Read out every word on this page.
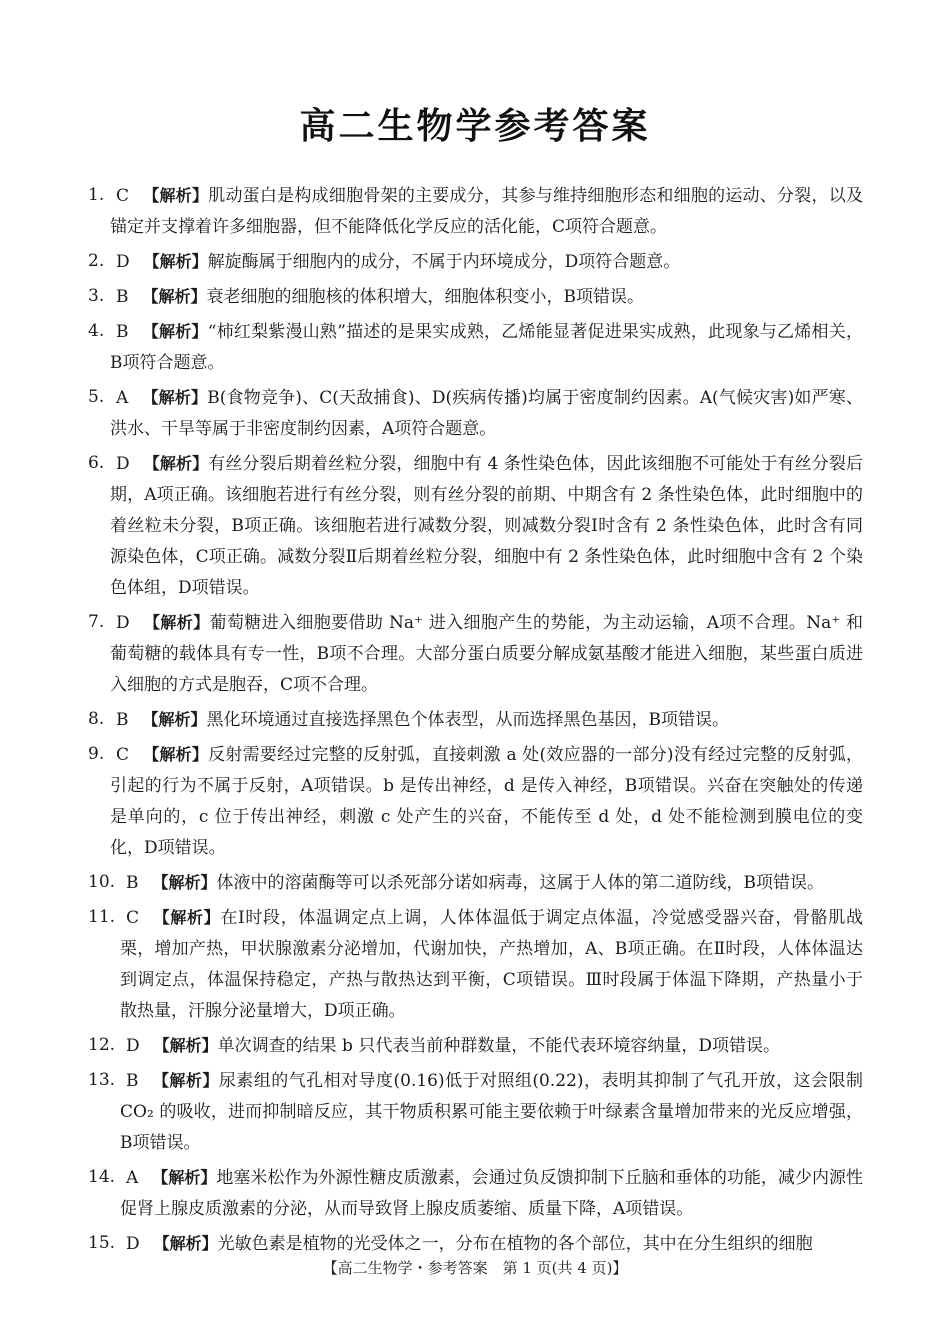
高二生物学参考答案
1. C 【解析】肌动蛋白是构成细胞骨架的主要成分，其参与维持细胞形态和细胞的运动、分裂，以及锚定并支撑着许多细胞器，但不能降低化学反应的活化能，C项符合题意。
2. D 【解析】解旋酶属于细胞内的成分，不属于内环境成分，D项符合题意。
3. B 【解析】衰老细胞的细胞核的体积增大，细胞体积变小，B项错误。
4. B 【解析】“柿红梨紫漫山熟”描述的是果实成熟，乙烯能显著促进果实成熟，此现象与乙烯相关，B项符合题意。
5. A 【解析】B(食物竞争)、C(天敌捕食)、D(疾病传播)均属于密度制约因素。A(气候灾害)如严寒、洪水、干旱等属于非密度制约因素，A项符合题意。
6. D 【解析】有丝分裂后期着丝粒分裂，细胞中有 4 条性染色体，因此该细胞不可能处于有丝分裂后期，A项正确。该细胞若进行有丝分裂，则有丝分裂的前期、中期含有 2 条性染色体，此时细胞中的着丝粒未分裂，B项正确。该细胞若进行减数分裂，则减数分裂Ⅰ时含有 2 条性染色体，此时含有同源染色体，C项正确。减数分裂Ⅱ后期着丝粒分裂，细胞中有 2 条性染色体，此时细胞中含有 2 个染色体组，D项错误。
7. D 【解析】葡萄糖进入细胞要借助 Na⁺ 进入细胞产生的势能，为主动运输，A项不合理。Na⁺ 和葡萄糖的载体具有专一性，B项不合理。大部分蛋白质要分解成氨基酸才能进入细胞，某些蛋白质进入细胞的方式是胞吞，C项不合理。
8. B 【解析】黑化环境通过直接选择黑色个体表型，从而选择黑色基因，B项错误。
9. C 【解析】反射需要经过完整的反射弧，直接刺激 a 处(效应器的一部分)没有经过完整的反射弧，引起的行为不属于反射，A项错误。b 是传出神经，d 是传入神经，B项错误。兴奋在突触处的传递是单向的，c 位于传出神经，刺激 c 处产生的兴奋，不能传至 d 处，d 处不能检测到膜电位的变化，D项错误。
10. B 【解析】体液中的溶菌酶等可以杀死部分诺如病毒，这属于人体的第二道防线，B项错误。
11. C 【解析】在Ⅰ时段，体温调定点上调，人体体温低于调定点体温，冷觉感受器兴奋，骨骼肌战栗，增加产热，甲状腺激素分泌增加，代谢加快，产热增加，A、B项正确。在Ⅱ时段，人体体温达到调定点，体温保持稳定，产热与散热达到平衡，C项错误。Ⅲ时段属于体温下降期，产热量小于散热量，汗腺分泌量增大，D项正确。
12. D 【解析】单次调查的结果 b 只代表当前种群数量，不能代表环境容纳量，D项错误。
13. B 【解析】尿素组的气孔相对导度(0.16)低于对照组(0.22)，表明其抑制了气孔开放，这会限制 CO₂ 的吸收，进而抑制暗反应，其干物质积累可能主要依赖于叶绿素含量增加带来的光反应增强，B项错误。
14. A 【解析】地塞米松作为外源性糖皮质激素，会通过负反馈抑制下丘脑和垂体的功能，减少内源性促肾上腺皮质激素的分泌，从而导致肾上腺皮质萎缩、质量下降，A项错误。
15. D 【解析】光敏色素是植物的光受体之一，分布在植物的各个部位，其中在分生组织的细胞
【高二生物学・参考答案　第 1 页(共 4 页)】
